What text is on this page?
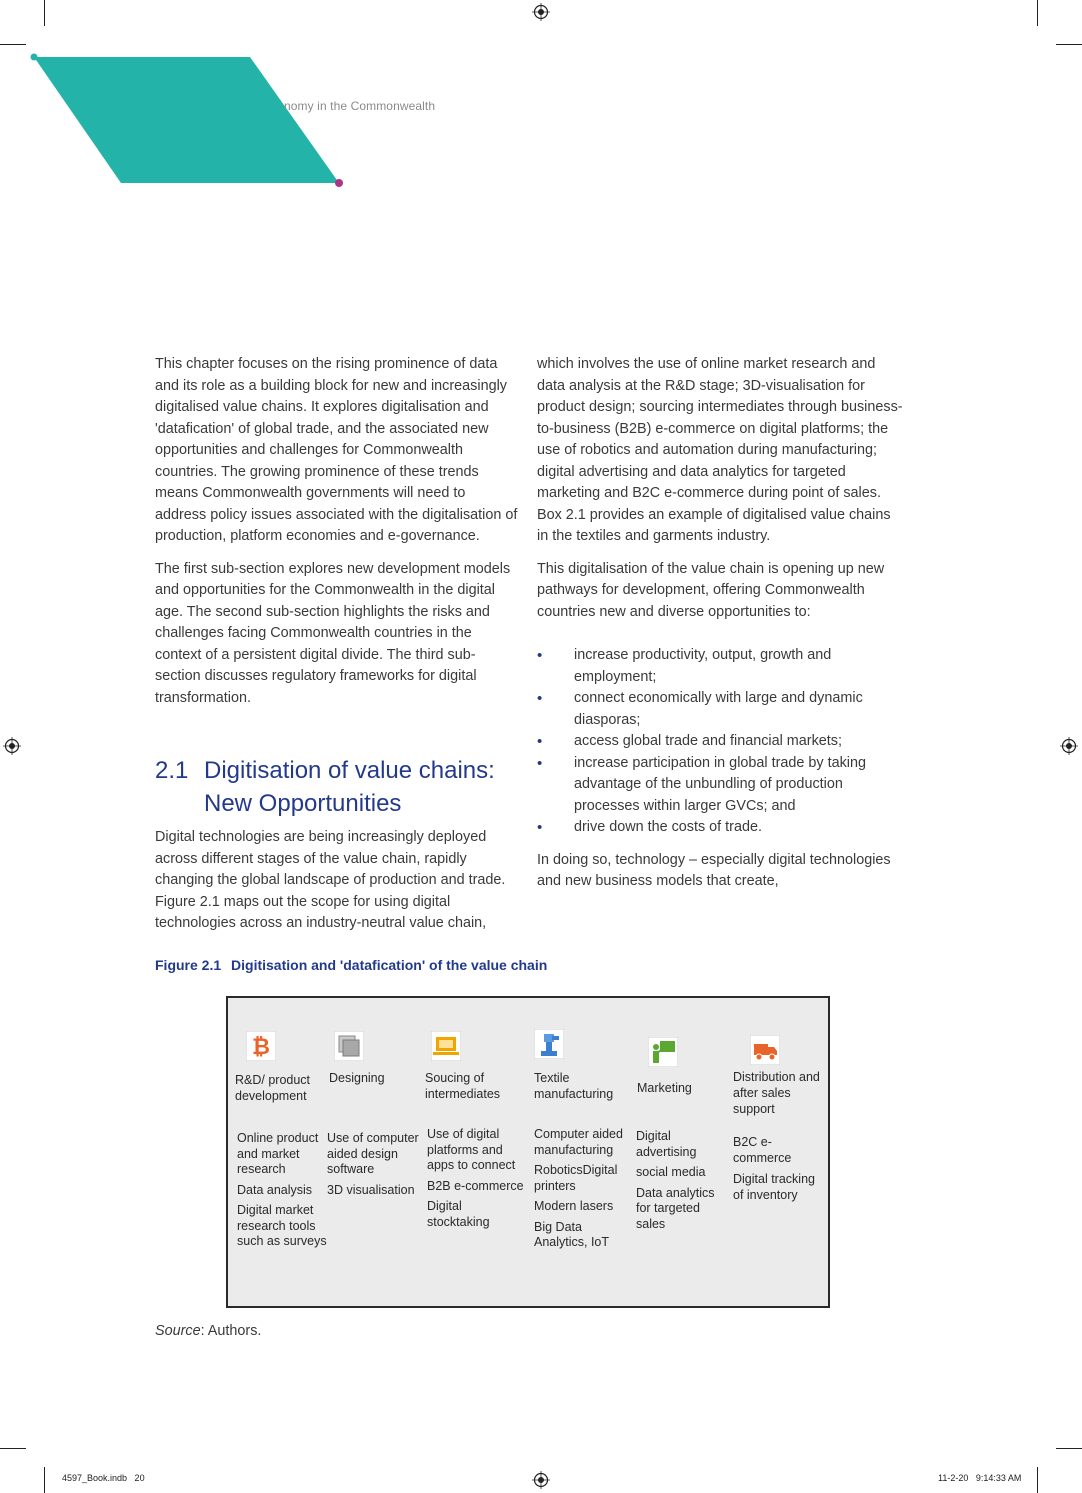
nomy in the Commonwealth

This chapter focuses on the rising prominence of data and its role as a building block for new and increasingly digitalised value chains. It explores digitalisation and 'datafication' of global trade, and the associated new opportunities and challenges for Commonwealth countries. The growing prominence of these trends means Commonwealth governments will need to address policy issues associated with the digitalisation of production, platform economies and e-governance.

The first sub-section explores new development models and opportunities for the Commonwealth in the digital age. The second sub-section highlights the risks and challenges facing Commonwealth countries in the context of a persistent digital divide. The third sub-section discusses regulatory frameworks for digital transformation.

2.1 Digitisation of value chains:
New Opportunities

Digital technologies are being increasingly deployed across different stages of the value chain, rapidly changing the global landscape of production and trade. Figure 2.1 maps out the scope for using digital technologies across an industry-neutral value chain,

which involves the use of online market research and data analysis at the R&D stage; 3D-visualisation for product design; sourcing intermediates through business-to-business (B2B) e-commerce on digital platforms; the use of robotics and automation during manufacturing; digital advertising and data analytics for targeted marketing and B2C e-commerce during point of sales. Box 2.1 provides an example of digitalised value chains in the textiles and garments industry.

This digitalisation of the value chain is opening up new pathways for development, offering Commonwealth countries new and diverse opportunities to:

• increase productivity, output, growth and employment;
• connect economically with large and dynamic diasporas;
• access global trade and financial markets;
• increase participation in global trade by taking advantage of the unbundling of production processes within larger GVCs; and
• drive down the costs of trade.

In doing so, technology – especially digital technologies and new business models that create,

Figure 2.1 Digitisation and 'datafication' of the value chain
₿
R&D/ product development
Online product and market research
Data analysis
Digital market research tools such as surveys
Designing
Use of computer aided design software
3D visualisation
Soucing of intermediates
Use of digital platforms and apps to connect
B2B e-commerce
Digital stocktaking
Textile manufacturing
Computer aided manufacturing
RoboticsDigital printers
Modern lasers
Big Data Analytics, IoT
Marketing
Digital advertising
social media
Data analytics for targeted sales
Distribution and after sales support
B2C e-commerce
Digital tracking of inventory
Source: Authors.
4597_Book.indb   20	11-2-20   9:14:33 AM
